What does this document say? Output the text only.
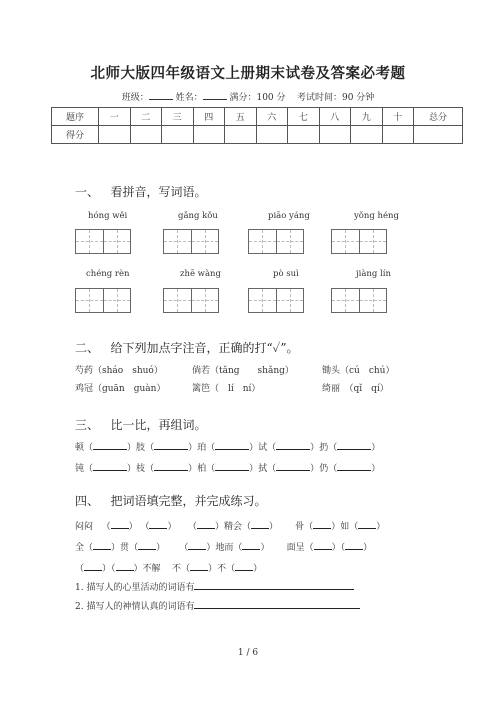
北师大版四年级语文上册期末试卷及答案必考题
班级：	姓名：	满分：100 分 考试时间：90 分钟
题序	一	二	三	四	五	六	七	八	九	十	总分
得分											
一、 看拼音，写词语。
hóng wěi	gǎng kǒu	piāo yáng	yǒng héng
chéng rèn	zhē wàng	pò suì	jiàng lín
二、 给下列加点字注音，正确的打“✓”。
芍药（sháo　shuó）	倘若（tǎng　　shǎng）	锄头（cú　chú）
鸡冠（guān　guàn）	篱笆（　lí　ní）	绮丽　（qǐ　qí）
三、 比一比，再组词。
顿（	）肢（	）珀（	）试（	）扔（	）
钝（	）枝（	）柏（	）拭（	）仍（	）
四、 把词语填完整，并完成练习。
闷闷   （ ） （ ）    （ ）精会（ ）      骨（ ）如（ ）
全（ ）贯（ ）     （ ）地而（ ）      面呈（ ）（ ）
（ ）（ ）不解 不（ ）不（ ）
1. 描写人的心里活动的词语有
2. 描写人的神情认真的词语有
1 / 6
